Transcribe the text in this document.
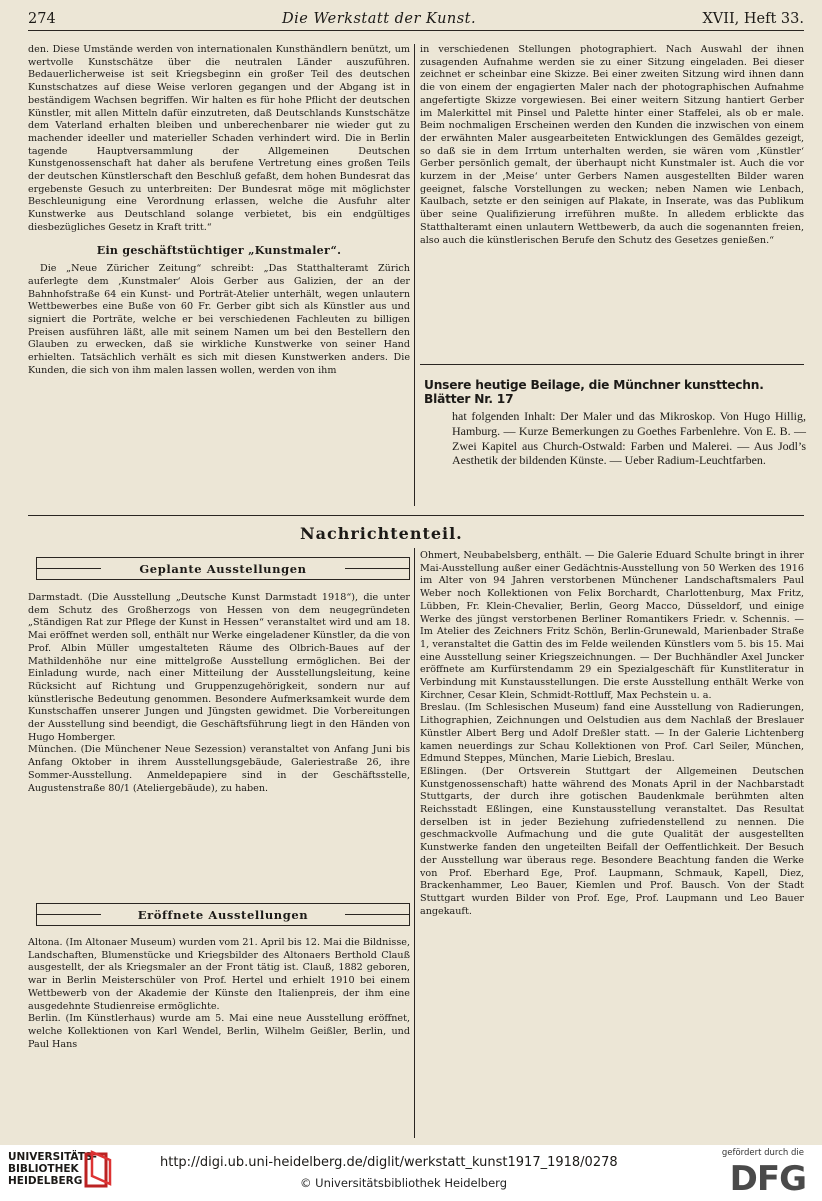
274	Die Werkstatt der Kunst.	XVII, Heft 33.

den. Diese Umstände werden von internationalen Kunsthändlern benützt, um wertvolle Kunstschätze über die neutralen Länder auszuführen. Bedauerlicherweise ist seit Kriegsbeginn ein großer Teil des deutschen Kunstschatzes auf diese Weise verloren gegangen und der Abgang ist in beständigem Wachsen begriffen. Wir halten es für hohe Pflicht der deutschen Künstler, mit allen Mitteln dafür einzutreten, daß Deutschlands Kunstschätze dem Vaterland erhalten bleiben und unberechenbarer nie wieder gut zu machender ideeller und materieller Schaden verhindert wird. Die in Berlin tagende Hauptversammlung der Allgemeinen Deutschen Kunstgenossenschaft hat daher als berufene Vertretung eines großen Teils der deutschen Künstlerschaft den Beschluß gefaßt, dem hohen Bundesrat das ergebenste Gesuch zu unterbreiten: Der Bundesrat möge mit möglichster Beschleunigung eine Verordnung erlassen, welche die Ausfuhr alter Kunstwerke aus Deutschland solange verbietet, bis ein endgültiges diesbezügliches Gesetz in Kraft tritt.“

Ein geschäftstüchtiger „Kunstmaler“.

Die „Neue Züricher Zeitung“ schreibt: „Das Statthalteramt Zürich auferlegte dem ‚Kunstmaler‘ Alois Gerber aus Galizien, der an der Bahnhofstraße 64 ein Kunst- und Porträt-Atelier unterhält, wegen unlautern Wettbewerbes eine Buße von 60 Fr. Gerber gibt sich als Künstler aus und signiert die Porträte, welche er bei verschiedenen Fachleuten zu billigen Preisen ausführen läßt, alle mit seinem Namen um bei den Bestellern den Glauben zu erwecken, daß sie wirkliche Kunstwerke von seiner Hand erhielten. Tatsächlich verhält es sich mit diesen Kunstwerken anders. Die Kunden, die sich von ihm malen lassen wollen, werden von ihm

in verschiedenen Stellungen photographiert. Nach Auswahl der ihnen zusagenden Aufnahme werden sie zu einer Sitzung eingeladen. Bei dieser zeichnet er scheinbar eine Skizze. Bei einer zweiten Sitzung wird ihnen dann die von einem der engagierten Maler nach der photographischen Aufnahme angefertigte Skizze vorgewiesen. Bei einer weitern Sitzung hantiert Gerber im Malerkittel mit Pinsel und Palette hinter einer Staffelei, als ob er male. Beim nochmaligen Erscheinen werden den Kunden die inzwischen von einem der erwähnten Maler ausgearbeiteten Entwicklungen des Gemäldes gezeigt, so daß sie in dem Irrtum unterhalten werden, sie wären vom ‚Künstler‘ Gerber persönlich gemalt, der überhaupt nicht Kunstmaler ist. Auch die vor kurzem in der ‚Meise‘ unter Gerbers Namen ausgestellten Bilder waren geeignet, falsche Vorstellungen zu wecken; neben Namen wie Lenbach, Kaulbach, setzte er den seinigen auf Plakate, in Inserate, was das Publikum über seine Qualifizierung irreführen mußte. In alledem erblickte das Statthalteramt einen unlautern Wettbewerb, da auch die sogenannten freien, also auch die künstlerischen Berufe den Schutz des Gesetzes genießen.“

Unsere heutige Beilage, die Münchner kunsttechn. Blätter Nr. 17
hat folgenden Inhalt: Der Maler und das Mikroskop. Von Hugo Hillig, Hamburg. — Kurze Bemerkungen zu Goethes Farbenlehre. Von E. B. — Zwei Kapitel aus Church-Ostwald: Farben und Malerei. — Aus Jodl’s Aesthetik der bildenden Künste. — Ueber Radium-Leuchtfarben.
Nachrichtenteil.
Geplante Ausstellungen

Darmstadt. (Die Ausstellung „Deutsche Kunst Darmstadt 1918“), die unter dem Schutz des Großherzogs von Hessen von dem neugegründeten „Ständigen Rat zur Pflege der Kunst in Hessen“ veranstaltet wird und am 18. Mai eröffnet werden soll, enthält nur Werke eingeladener Künstler, da die von Prof. Albin Müller umgestalteten Räume des Olbrich-Baues auf der Mathildenhöhe nur eine mittelgroße Ausstellung ermöglichen. Bei der Einladung wurde, nach einer Mitteilung der Ausstellungsleitung, keine Rücksicht auf Richtung und Gruppenzugehörigkeit, sondern nur auf künstlerische Bedeutung genommen. Besondere Aufmerksamkeit wurde dem Kunstschaffen unserer Jungen und Jüngsten gewidmet. Die Vorbereitungen der Ausstellung sind beendigt, die Geschäftsführung liegt in den Händen von Hugo Homberger.

München. (Die Münchener Neue Sezession) veranstaltet von Anfang Juni bis Anfang Oktober in ihrem Ausstellungsgebäude, Galeriestraße 26, ihre Sommer-Ausstellung. Anmeldepapiere sind in der Geschäftsstelle, Augustenstraße 80/1 (Ateliergebäude), zu haben.

Eröffnete Ausstellungen

Altona. (Im Altonaer Museum) wurden vom 21. April bis 12. Mai die Bildnisse, Landschaften, Blumenstücke und Kriegsbilder des Altonaers Berthold Clauß ausgestellt, der als Kriegsmaler an der Front tätig ist. Clauß, 1882 geboren, war in Berlin Meisterschüler von Prof. Hertel und erhielt 1910 bei einem Wettbewerb von der Akademie der Künste den Italienpreis, der ihm eine ausgedehnte Studienreise ermöglichte.

Berlin. (Im Künstlerhaus) wurde am 5. Mai eine neue Ausstellung eröffnet, welche Kollektionen von Karl Wendel, Berlin, Wilhelm Geißler, Berlin, und Paul Hans

Ohmert, Neubabelsberg, enthält. — Die Galerie Eduard Schulte bringt in ihrer Mai-Ausstellung außer einer Gedächtnis-Ausstellung von 50 Werken des 1916 im Alter von 94 Jahren verstorbenen Münchener Landschaftsmalers Paul Weber noch Kollektionen von Felix Borchardt, Charlottenburg, Max Fritz, Lübben, Fr. Klein-Chevalier, Berlin, Georg Macco, Düsseldorf, und einige Werke des jüngst verstorbenen Berliner Romantikers Friedr. v. Schennis. — Im Atelier des Zeichners Fritz Schön, Berlin-Grunewald, Marienbader Straße 1, veranstaltet die Gattin des im Felde weilenden Künstlers vom 5. bis 15. Mai eine Ausstellung seiner Kriegszeichnungen. — Der Buchhändler Axel Juncker eröffnete am Kurfürstendamm 29 ein Spezialgeschäft für Kunstliteratur in Verbindung mit Kunstausstellungen. Die erste Ausstellung enthält Werke von Kirchner, Cesar Klein, Schmidt-Rottluff, Max Pechstein u. a.

Breslau. (Im Schlesischen Museum) fand eine Ausstellung von Radierungen, Lithographien, Zeichnungen und Oelstudien aus dem Nachlaß der Breslauer Künstler Albert Berg und Adolf Dreßler statt. — In der Galerie Lichtenberg kamen neuerdings zur Schau Kollektionen von Prof. Carl Seiler, München, Edmund Steppes, München, Marie Liebich, Breslau.

Eßlingen. (Der Ortsverein Stuttgart der Allgemeinen Deutschen Kunstgenossenschaft) hatte während des Monats April in der Nachbarstadt Stuttgarts, der durch ihre gotischen Baudenkmale berühmten alten Reichsstadt Eßlingen, eine Kunstausstellung veranstaltet. Das Resultat derselben ist in jeder Beziehung zufriedenstellend zu nennen. Die geschmackvolle Aufmachung und die gute Qualität der ausgestellten Kunstwerke fanden den ungeteilten Beifall der Oeffentlichkeit. Der Besuch der Ausstellung war überaus rege. Besondere Beachtung fanden die Werke von Prof. Eberhard Ege, Prof. Laupmann, Schmauk, Kapell, Diez, Brackenhammer, Leo Bauer, Kiemlen und Prof. Bausch. Von der Stadt Stuttgart wurden Bilder von Prof. Ege, Prof. Laupmann und Leo Bauer angekauft.

UNIVERSITÄTS-
BIBLIOTHEK
HEIDELBERG
http://digi.ub.uni-heidelberg.de/diglit/werkstatt_kunst1917_1918/0278
© Universitätsbibliothek Heidelberg
gefördert durch die
DFG
